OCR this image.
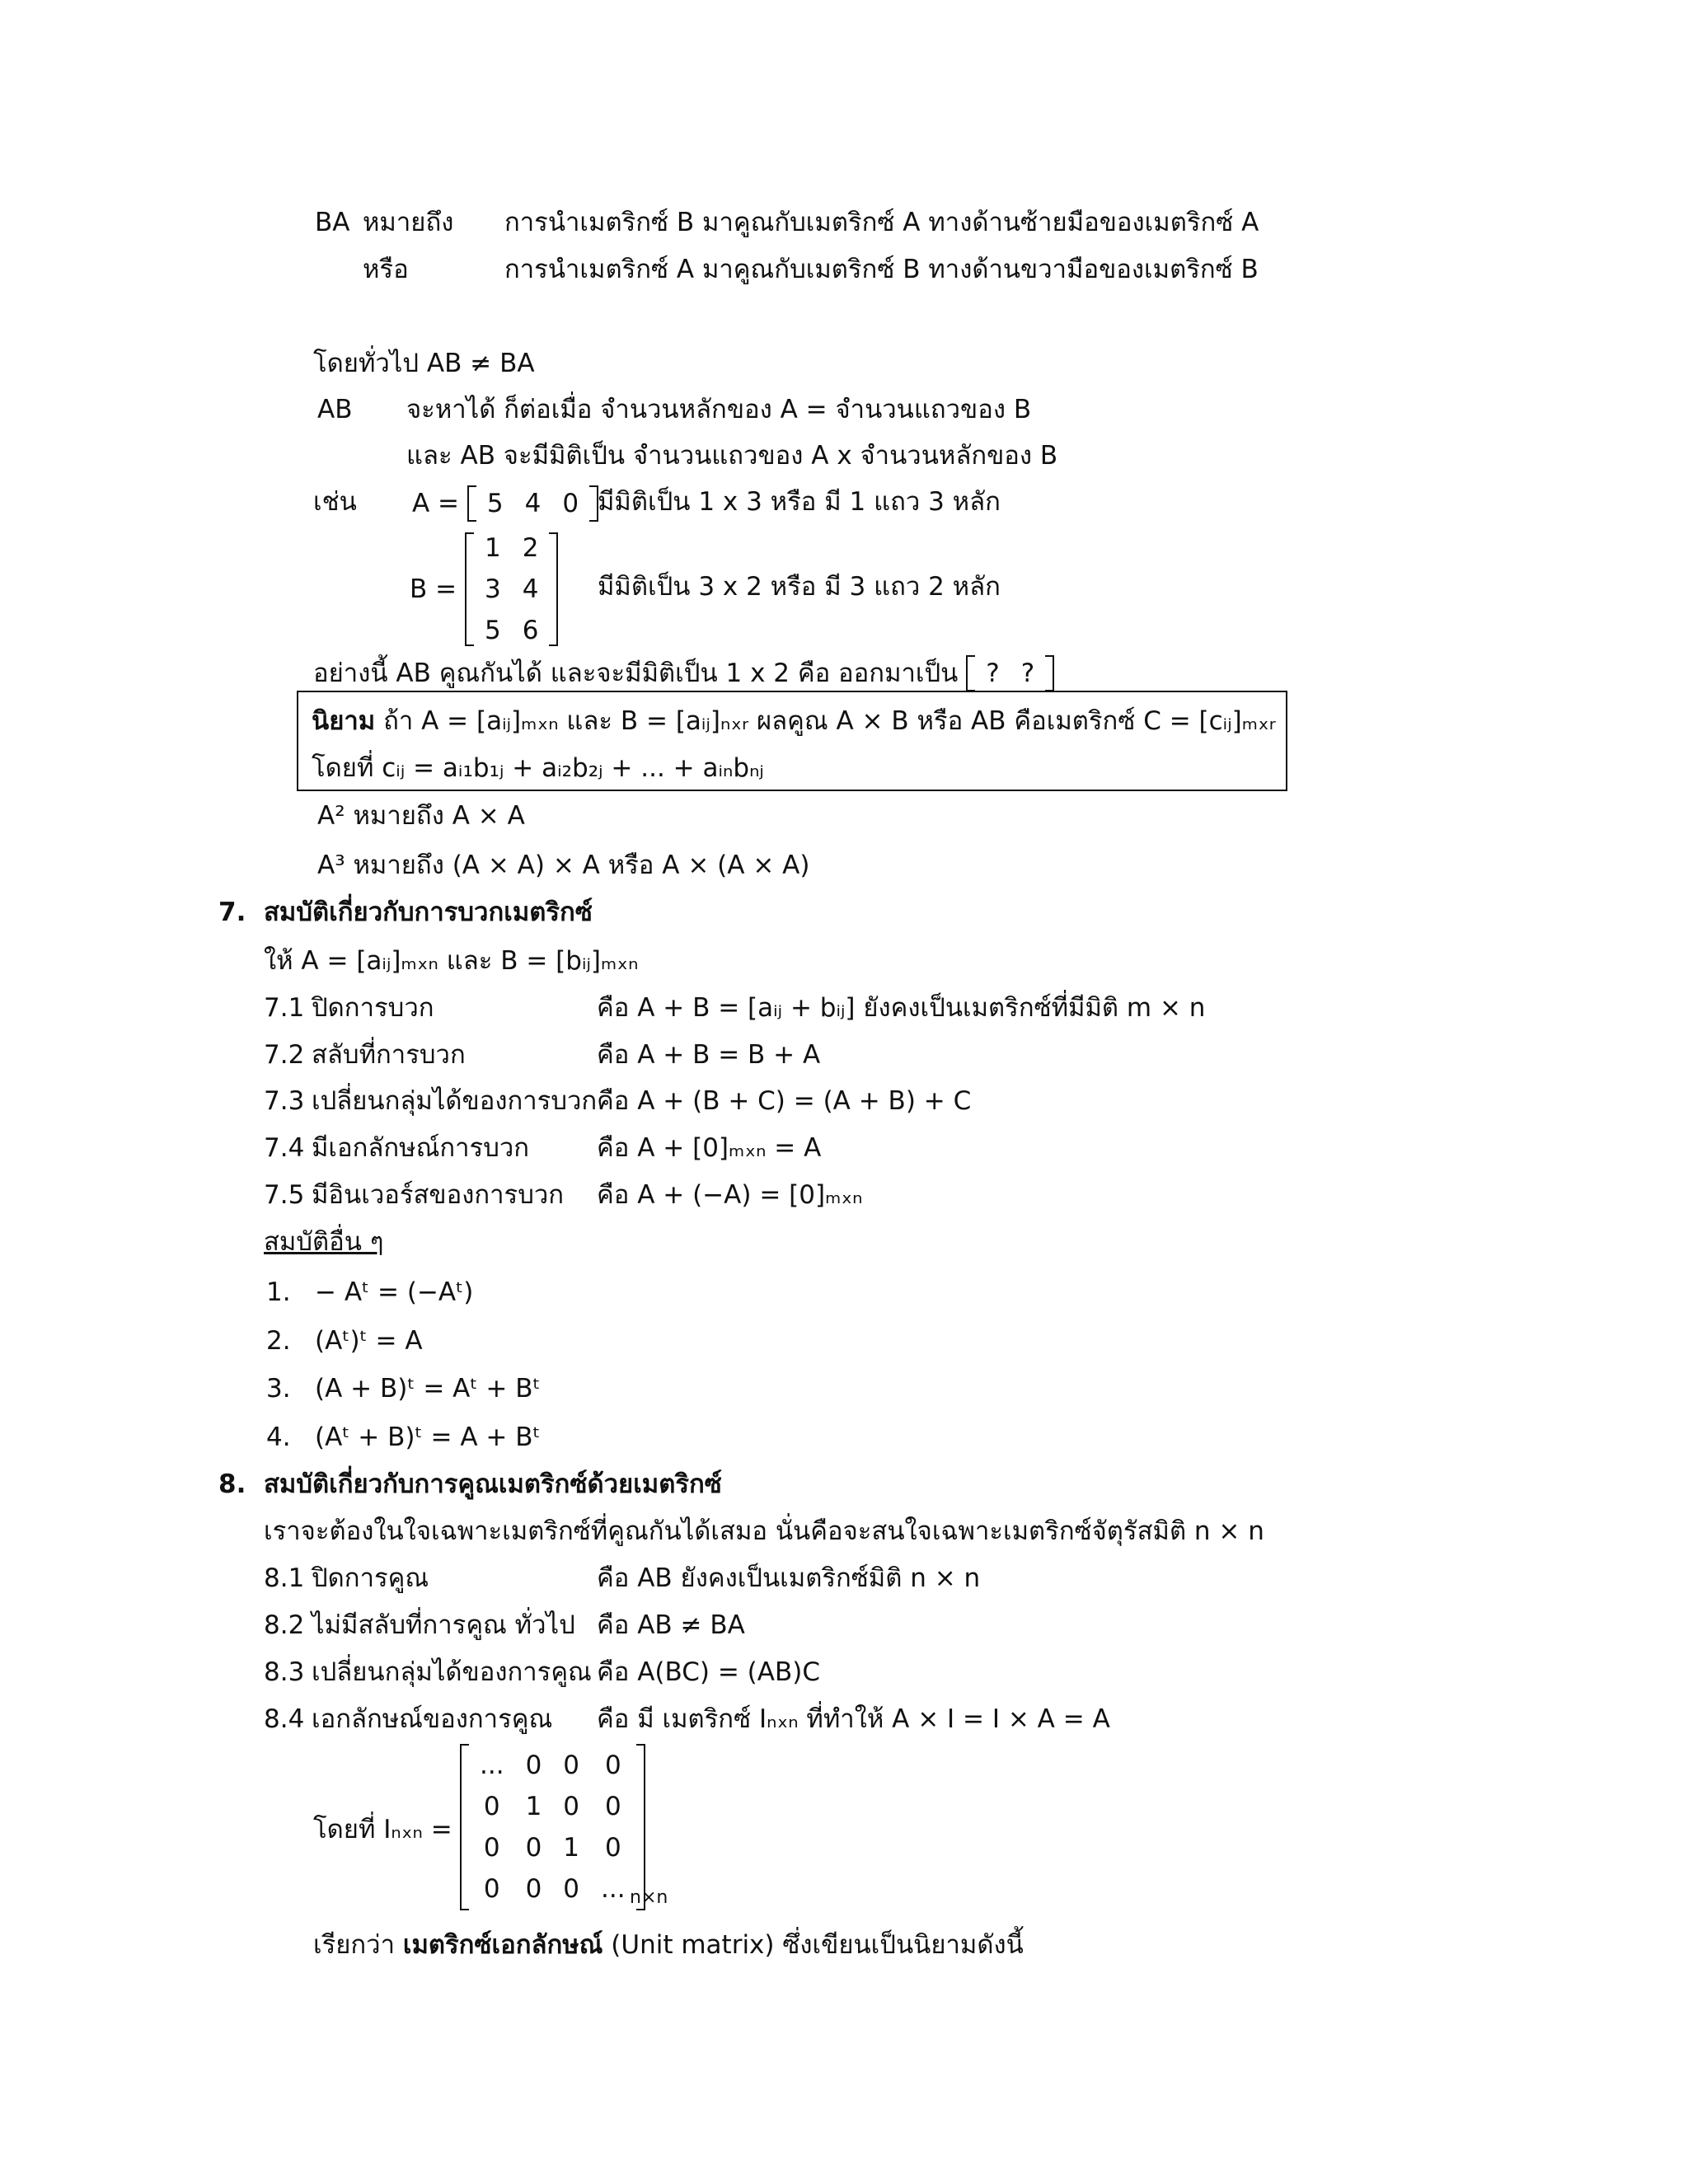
BA หมายถึง การนำเมตริกซ์ B มาคูณกับเมตริกซ์ A ทางด้านซ้ายมือของเมตริกซ์ A
หรือ	การนำเมตริกซ์ A มาคูณกับเมตริกซ์ B ทางด้านขวามือของเมตริกซ์ B
โดยทั่วไป AB ≠ BA
AB จะหาได้ ก็ต่อเมื่อ จำนวนหลักของ A = จำนวนแถวของ B
และ AB จะมีมิติเป็น จำนวนแถวของ A x จำนวนหลักของ B
เช่น A =
5	4	0 มีมิติเป็น 1 x 3 หรือ มี 1 แถว 3 หลัก
B =

1	2
3	4
5	6
มีมิติเป็น 3 x 2 หรือ มี 3 แถว 2 หลัก
อย่างนี้ AB คูณกันได้ และจะมีมิติเป็น 1 x 2 คือ ออกมาเป็น
?	?
นิยาม ถ้า A = [aᵢⱼ]ₘₓₙ และ B = [aᵢⱼ]ₙₓᵣ ผลคูณ A × B หรือ AB คือเมตริกซ์ C = [cᵢⱼ]ₘₓᵣ
โดยที่ cᵢⱼ = aᵢ₁b₁ⱼ + aᵢ₂b₂ⱼ + ... + aᵢₙbₙⱼ
A² หมายถึง A × A
A³ หมายถึง (A × A) × A หรือ A × (A × A)
7. สมบัติเกี่ยวกับการบวกเมตริกซ์
ให้ A = [aᵢⱼ]ₘₓₙ และ B = [bᵢⱼ]ₘₓₙ
7.1 ปิดการบวก	คือ A + B = [aᵢⱼ + bᵢⱼ] ยังคงเป็นเมตริกซ์ที่มีมิติ m × n
7.2 สลับที่การบวก	คือ A + B = B + A
7.3 เปลี่ยนกลุ่มได้ของการบวก คือ A + (B + C) = (A + B) + C
7.4 มีเอกลักษณ์การบวก	คือ A + [0]ₘₓₙ = A
7.5 มีอินเวอร์สของการบวก คือ A + (−A) = [0]ₘₓₙ
สมบัติอื่น ๆ
1. − Aᵗ = (−Aᵗ)
2. (Aᵗ)ᵗ = A
3. (A + B)ᵗ = Aᵗ + Bᵗ
4. (Aᵗ + B)ᵗ = A + Bᵗ
8. สมบัติเกี่ยวกับการคูณเมตริกซ์ด้วยเมตริกซ์
เราจะต้องในใจเฉพาะเมตริกซ์ที่คูณกันได้เสมอ นั่นคือจะสนใจเฉพาะเมตริกซ์จัตุรัสมิติ n × n
8.1 ปิดการคูณ	คือ AB ยังคงเป็นเมตริกซ์มิติ n × n
8.2 ไม่มีสลับที่การคูณ ทั่วไป คือ AB ≠ BA
8.3 เปลี่ยนกลุ่มได้ของการคูณ คือ A(BC) = (AB)C
8.4 เอกลักษณ์ของการคูณ คือ มี เมตริกซ์ Iₙₓₙ ที่ทำให้ A × I = I × A = A
โดยที่ Iₙₓₙ =
...	0	0	0
0	1	0	0
0	0	1	0
0	0	0	... n×n
เรียกว่า เมตริกซ์เอกลักษณ์ (Unit matrix) ซึ่งเขียนเป็นนิยามดังนี้
